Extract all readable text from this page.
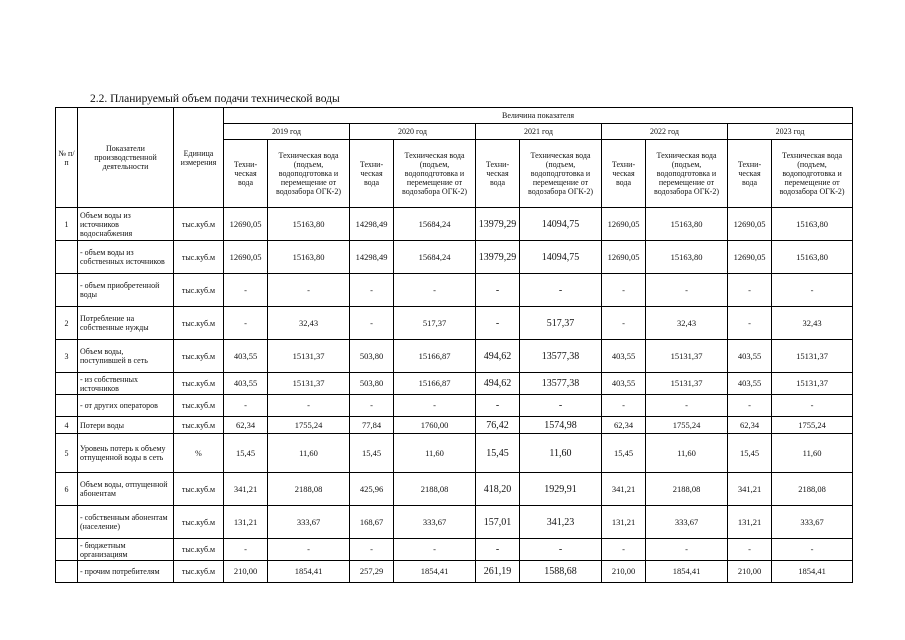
2.2. Планируемый объем подачи технической воды
№ п/п	Показатели производственной деятельности	Единица измерения	Величина показателя									
			2019 год		2020 год		2021 год		2022 год		2023 год	
			Техни-ческая вода	Техническая вода (подъем, водоподготовка и перемещение от водозабора ОГК-2)	Техни-ческая вода	Техническая вода (подъем, водоподготовка и перемещение от водозабора ОГК-2)	Техни-ческая вода	Техническая вода (подъем, водоподготовка и перемещение от водозабора ОГК-2)	Техни-ческая вода	Техническая вода (подъем, водоподготовка и перемещение от водозабора ОГК-2)	Техни-ческая вода	Техническая вода (подъем, водоподготовка и перемещение от водозабора ОГК-2)
1	Объем воды из источников водоснабжения	тыс.куб.м	12690,05	15163,80	14298,49	15684,24	13979,29	14094,75	12690,05	15163,80	12690,05	15163,80
	- объем воды из собственных источников	тыс.куб.м	12690,05	15163,80	14298,49	15684,24	13979,29	14094,75	12690,05	15163,80	12690,05	15163,80
	- объем приобретенной воды	тыс.куб.м	-	-	-	-	-	-	-	-	-	-
2	Потребление на собственные нужды	тыс.куб.м	-	32,43	-	517,37	-	517,37	-	32,43	-	32,43
3	Объем воды, поступившей в сеть	тыс.куб.м	403,55	15131,37	503,80	15166,87	494,62	13577,38	403,55	15131,37	403,55	15131,37
	- из собственных источников	тыс.куб.м	403,55	15131,37	503,80	15166,87	494,62	13577,38	403,55	15131,37	403,55	15131,37
	- от других операторов	тыс.куб.м	-	-	-	-	-	-	-	-	-	-
4	Потери воды	тыс.куб.м	62,34	1755,24	77,84	1760,00	76,42	1574,98	62,34	1755,24	62,34	1755,24
5	Уровень потерь к объему отпущенной воды в сеть	%	15,45	11,60	15,45	11,60	15,45	11,60	15,45	11,60	15,45	11,60
6	Объем воды, отпущенной абонентам	тыс.куб.м	341,21	2188,08	425,96	2188,08	418,20	1929,91	341,21	2188,08	341,21	2188,08
	- собственным абонентам (население)	тыс.куб.м	131,21	333,67	168,67	333,67	157,01	341,23	131,21	333,67	131,21	333,67
	- бюджетным организациям	тыс.куб.м	-	-	-	-	-	-	-	-	-	-
	- прочим потребителям	тыс.куб.м	210,00	1854,41	257,29	1854,41	261,19	1588,68	210,00	1854,41	210,00	1854,41
